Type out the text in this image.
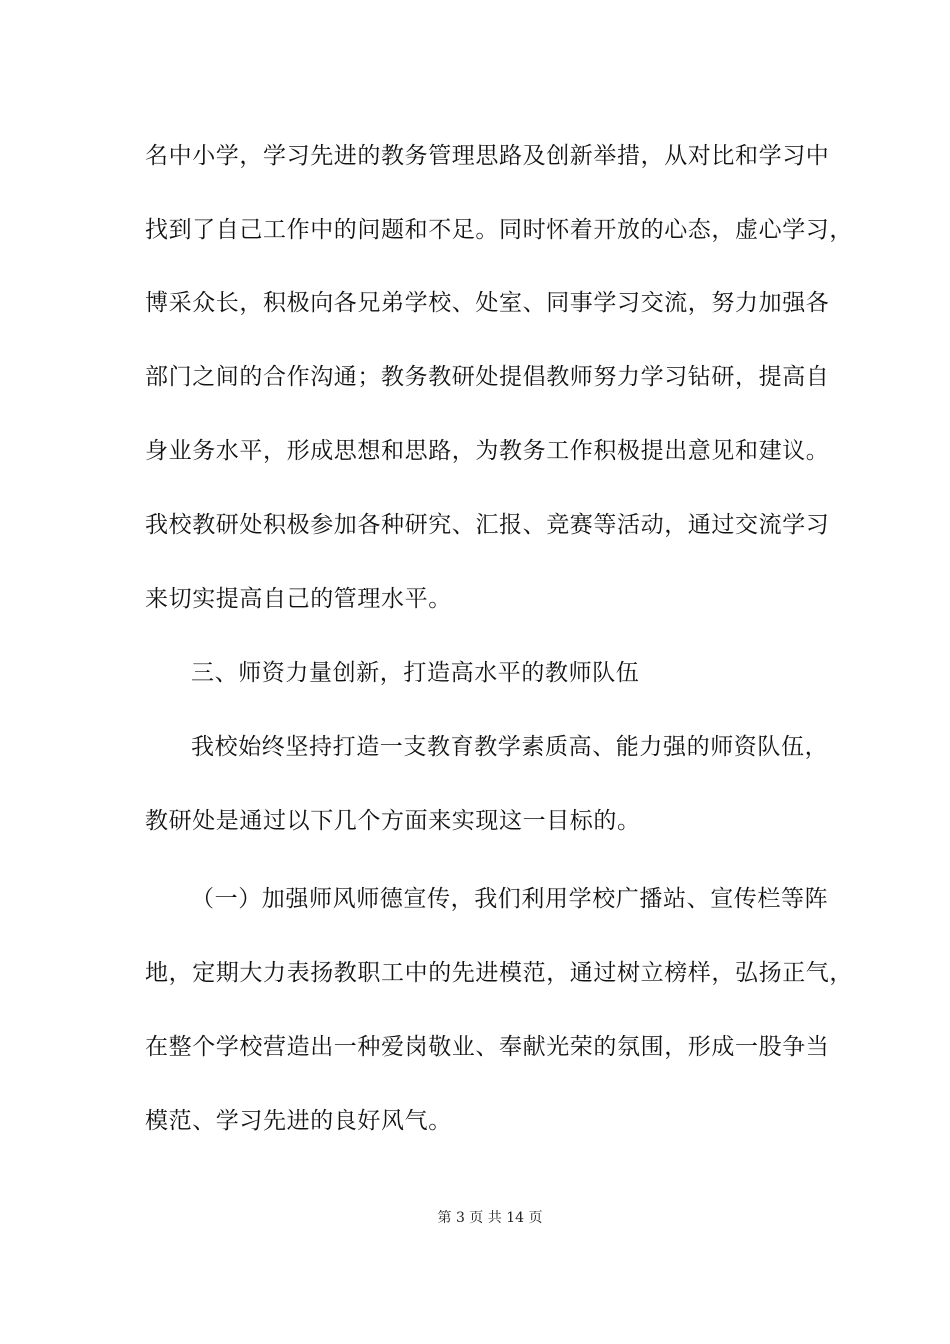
名中小学，学习先进的教务管理思路及创新举措，从对比和学习中
找到了自己工作中的问题和不足。同时怀着开放的心态，虚心学习，
博采众长，积极向各兄弟学校、处室、同事学习交流，努力加强各
部门之间的合作沟通；教务教研处提倡教师努力学习钻研，提高自
身业务水平，形成思想和思路，为教务工作积极提出意见和建议。
我校教研处积极参加各种研究、汇报、竞赛等活动，通过交流学习
来切实提高自己的管理水平。
三、师资力量创新，打造高水平的教师队伍
我校始终坚持打造一支教育教学素质高、能力强的师资队伍，
教研处是通过以下几个方面来实现这一目标的。
（一）加强师风师德宣传，我们利用学校广播站、宣传栏等阵
地，定期大力表扬教职工中的先进模范，通过树立榜样，弘扬正气，
在整个学校营造出一种爱岗敬业、奉献光荣的氛围，形成一股争当
模范、学习先进的良好风气。
第 3 页 共 14 页
